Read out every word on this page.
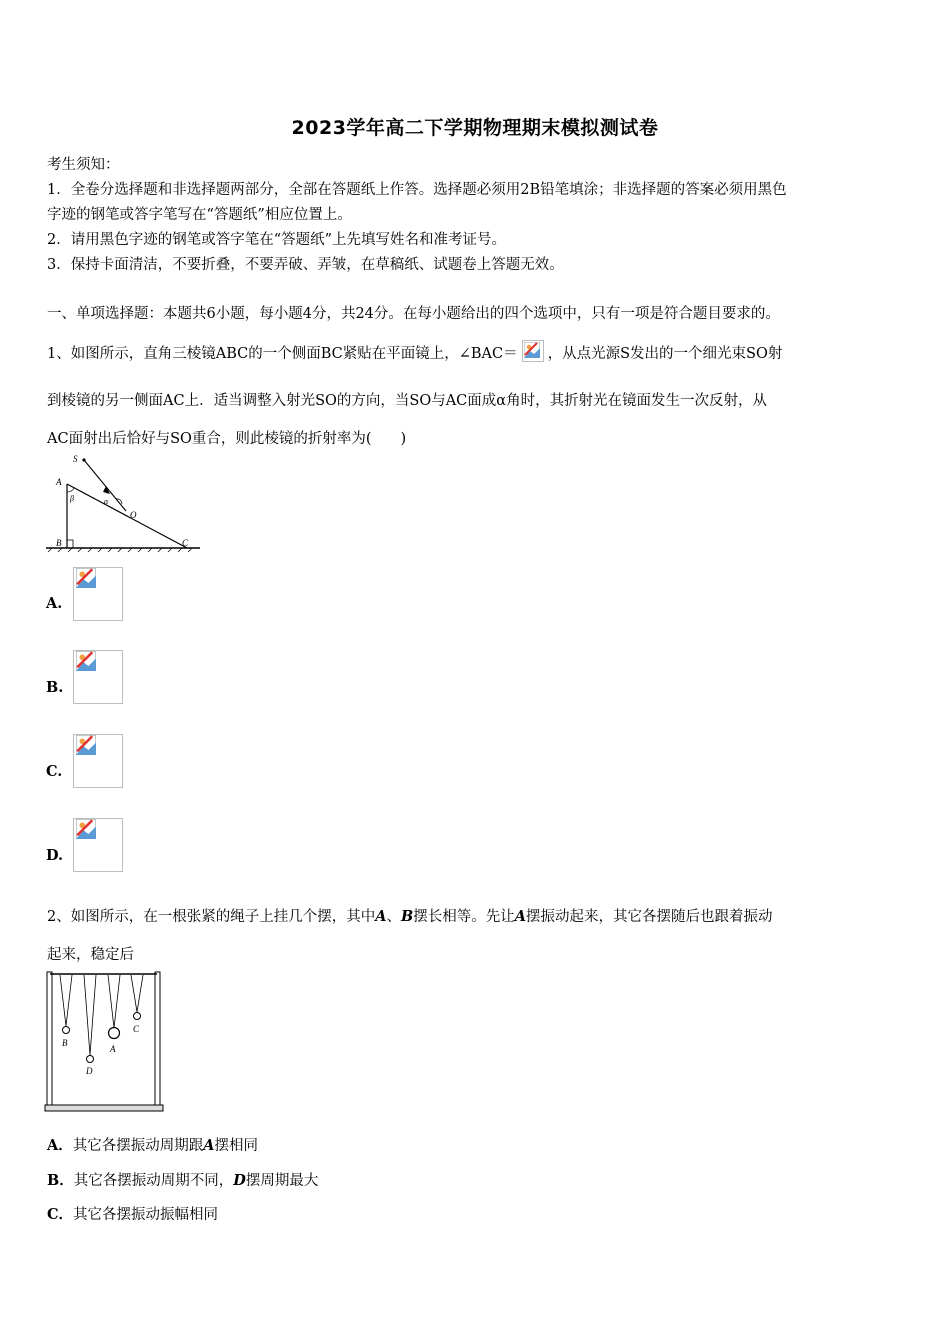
2023学年高二下学期物理期末模拟测试卷
考生须知：
1．全卷分选择题和非选择题两部分，全部在答题纸上作答。选择题必须用2B铅笔填涂；非选择题的答案必须用黑色
字迹的钢笔或答字笔写在“答题纸”相应位置上。
2．请用黑色字迹的钢笔或答字笔在“答题纸”上先填写姓名和准考证号。
3．保持卡面清洁，不要折叠，不要弄破、弄皱，在草稿纸、试题卷上答题无效。
一、单项选择题：本题共6小题，每小题4分，共24分。在每小题给出的四个选项中，只有一项是符合题目要求的。
1、如图所示，直角三棱镜ABC的一个侧面BC紧贴在平面镜上，∠BAC＝ ，从点光源S发出的一个细光束SO射
到棱镜的另一侧面AC上．适当调整入射光SO的方向，当SO与AC面成α角时，其折射光在镜面发生一次反射，从
AC面射出后恰好与SO重合，则此棱镜的折射率为(　　)
S
A
β	α
O
B	C
A.
B.
C.
D.
2、如图所示，在一根张紧的绳子上挂几个摆，其中A、B摆长相等。先让A摆振动起来，其它各摆随后也跟着振动
起来，稳定后
B
D
A
C
A．其它各摆振动周期跟A摆相同
B．其它各摆振动周期不同，D摆周期最大
C．其它各摆振动振幅相同
